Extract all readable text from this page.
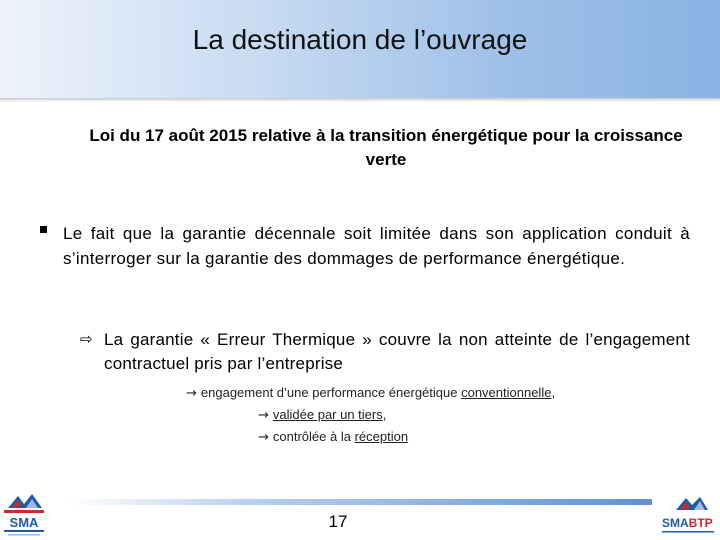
La destination de l’ouvrage
Loi du 17 août 2015 relative à la transition énergétique pour la croissance verte
Le fait que la garantie décennale soit limitée dans son application conduit à s’interroger sur la garantie des dommages de performance énergétique.
⇨ La garantie « Erreur Thermique » couvre la non atteinte de l’engagement contractuel pris par l’entreprise
→ engagement d’une performance énergétique conventionnelle,
→ validée par un tiers,
→ contrôlée à la réception
17
SMA	SMABTP
